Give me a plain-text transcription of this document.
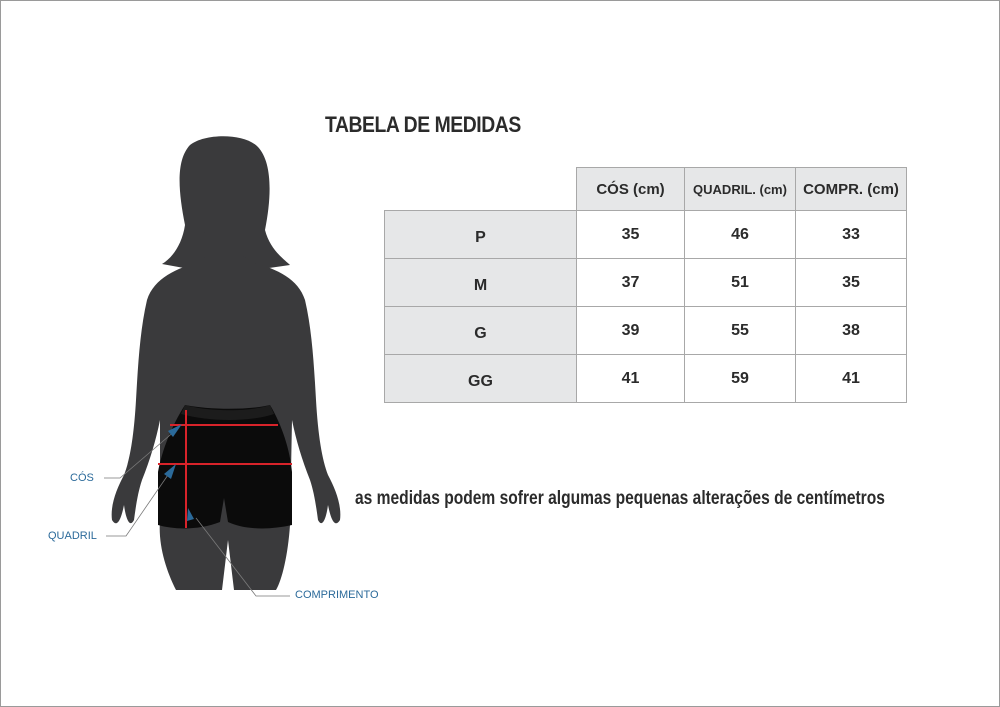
TABELA DE MEDIDAS
CÓS
QUADRIL
COMPRIMENTO
	CÓS (cm)	QUADRIL. (cm)	COMPR. (cm)
P	35	46	33
M	37	51	35
G	39	55	38
GG	41	59	41
as medidas podem sofrer algumas pequenas alterações de centímetros
